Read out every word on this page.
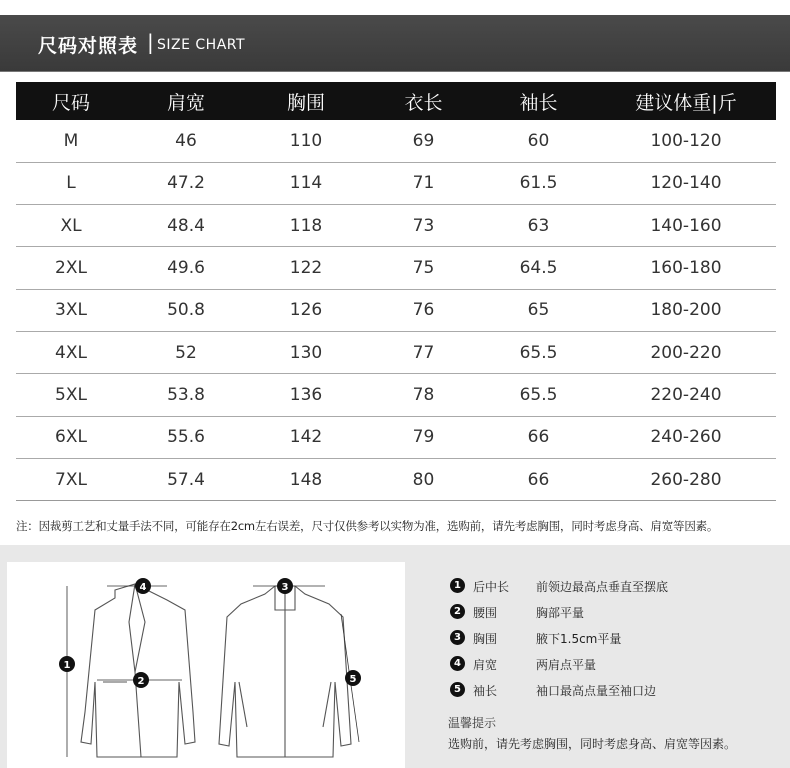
尺码对照表 | SIZE CHART
尺码	肩宽	胸围	衣长	袖长	建议体重|斤
M	46	110	69	60	100-120
L	47.2	114	71	61.5	120-140
XL	48.4	118	73	63	140-160
2XL	49.6	122	75	64.5	160-180
3XL	50.8	126	76	65	180-200
4XL	52	130	77	65.5	200-220
5XL	53.8	136	78	65.5	220-240
6XL	55.6	142	79	66	240-260
7XL	57.4	148	80	66	260-280
注：因裁剪工艺和丈量手法不同，可能存在2cm左右误差，尺寸仅供参考以实物为准，选购前，请先考虑胸围，同时考虑身高、肩宽等因素。
1
2
3
4
5
1	后中长 前领边最高点垂直至摆底
2	腰围	胸部平量
3	胸围	腋下1.5cm平量
4	肩宽	两肩点平量
5	袖长	袖口最高点量至袖口边
温馨提示
选购前，请先考虑胸围，同时考虑身高、肩宽等因素。
